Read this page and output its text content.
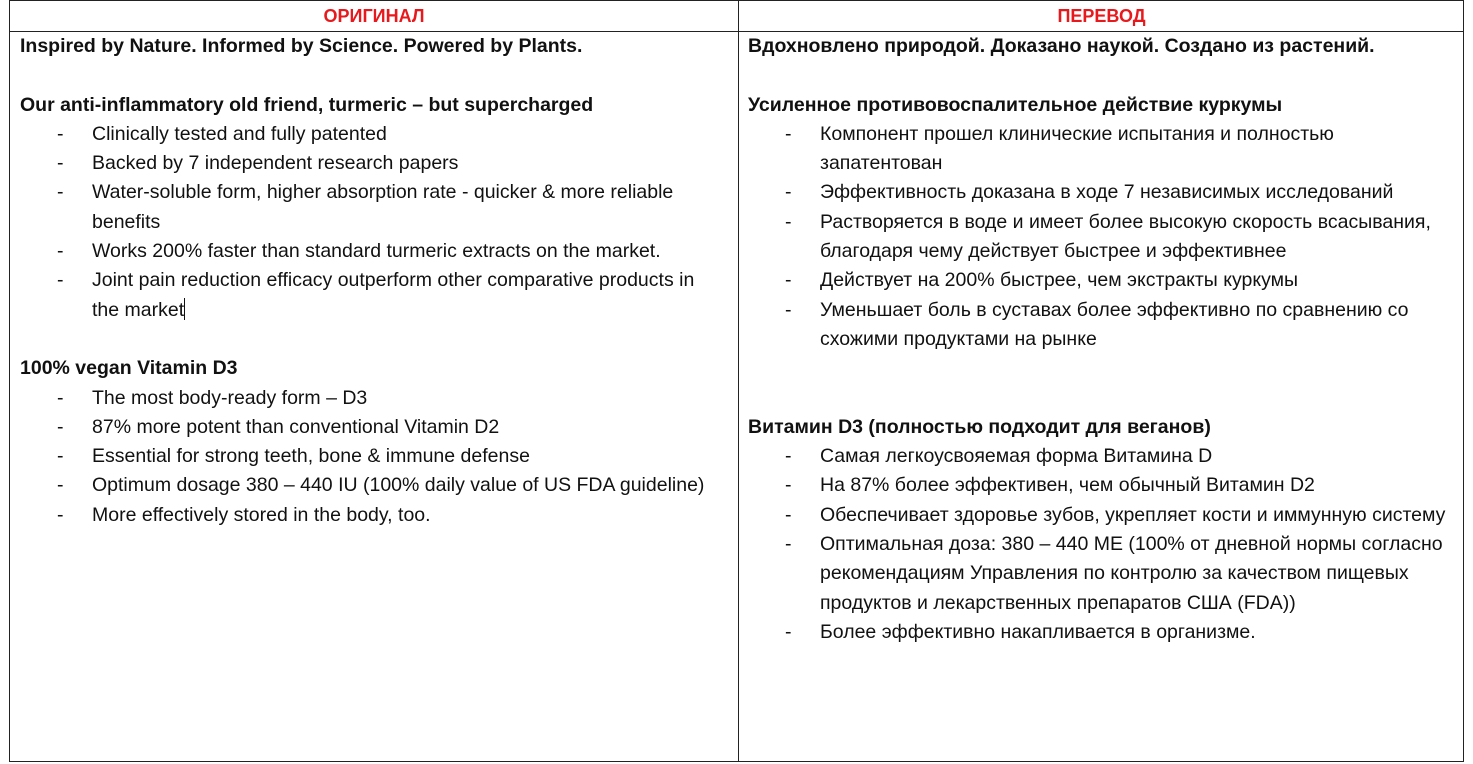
ОРИГИНАЛ	ПЕРЕВОД

Inspired by Nature. Informed by Science. Powered by Plants.

Our anti-inflammatory old friend, turmeric – but supercharged

- Clinically tested and fully patented
- Backed by 7 independent research papers
- Water-soluble form, higher absorption rate - quicker & more reliable benefits
- Works 200% faster than standard turmeric extracts on the market.
- Joint pain reduction efficacy outperform other comparative products in the market

100% vegan Vitamin D3

- The most body-ready form – D3
- 87% more potent than conventional Vitamin D2
- Essential for strong teeth, bone & immune defense
- Optimum dosage 380 – 440 IU (100% daily value of US FDA guideline)
- More effectively stored in the body, too.

Вдохновлено природой. Доказано наукой. Создано из растений.

Усиленное противовоспалительное действие куркумы

- Компонент прошел клинические испытания и полностью запатентован
- Эффективность доказана в ходе 7 независимых исследований
- Растворяется в воде и имеет более высокую скорость всасывания, благодаря чему действует быстрее и эффективнее
- Действует на 200% быстрее, чем экстракты куркумы
- Уменьшает боль в суставах более эффективно по сравнению со схожими продуктами на рынке

Витамин D3 (полностью подходит для веганов)

- Самая легкоусвояемая форма Витамина D
- На 87% более эффективен, чем обычный Витамин D2
- Обеспечивает здоровье зубов, укрепляет кости и иммунную систему
- Оптимальная доза: 380 – 440 МЕ (100% от дневной нормы согласно рекомендациям Управления по контролю за качеством пищевых продуктов и лекарственных препаратов США (FDA))
- Более эффективно накапливается в организме.
